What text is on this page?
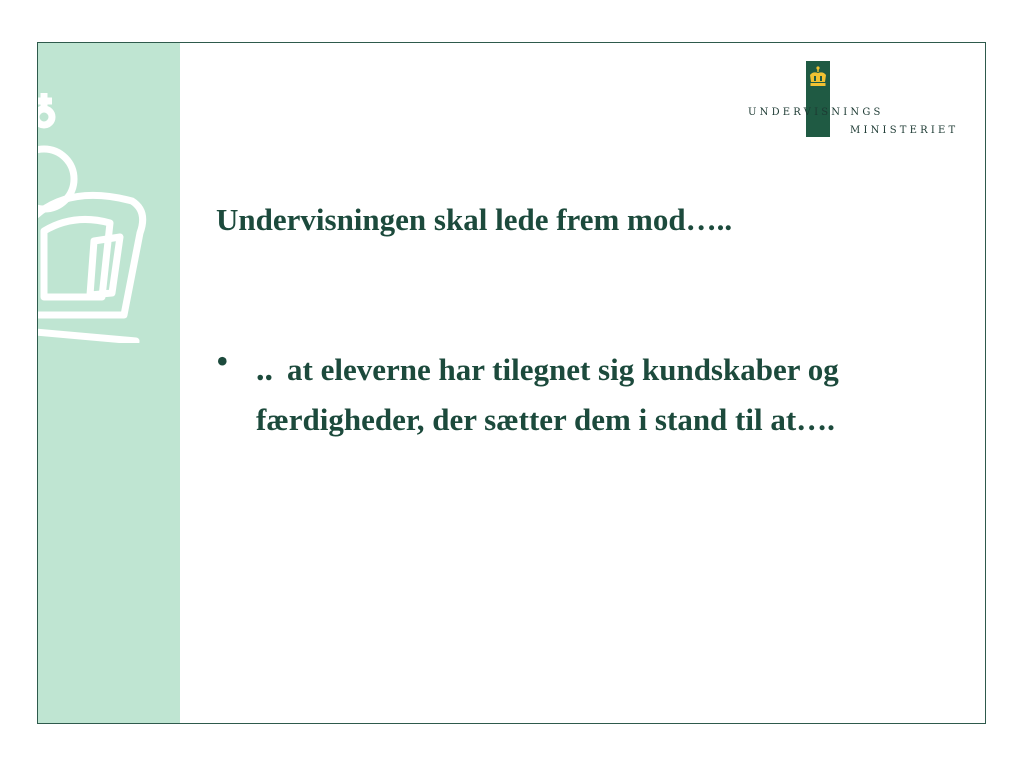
UNDERVISNINGS
MINISTERIET
Undervisningen skal lede frem mod…..
• .. at eleverne har tilegnet sig kundskaber og færdigheder, der sætter dem i stand til at….
